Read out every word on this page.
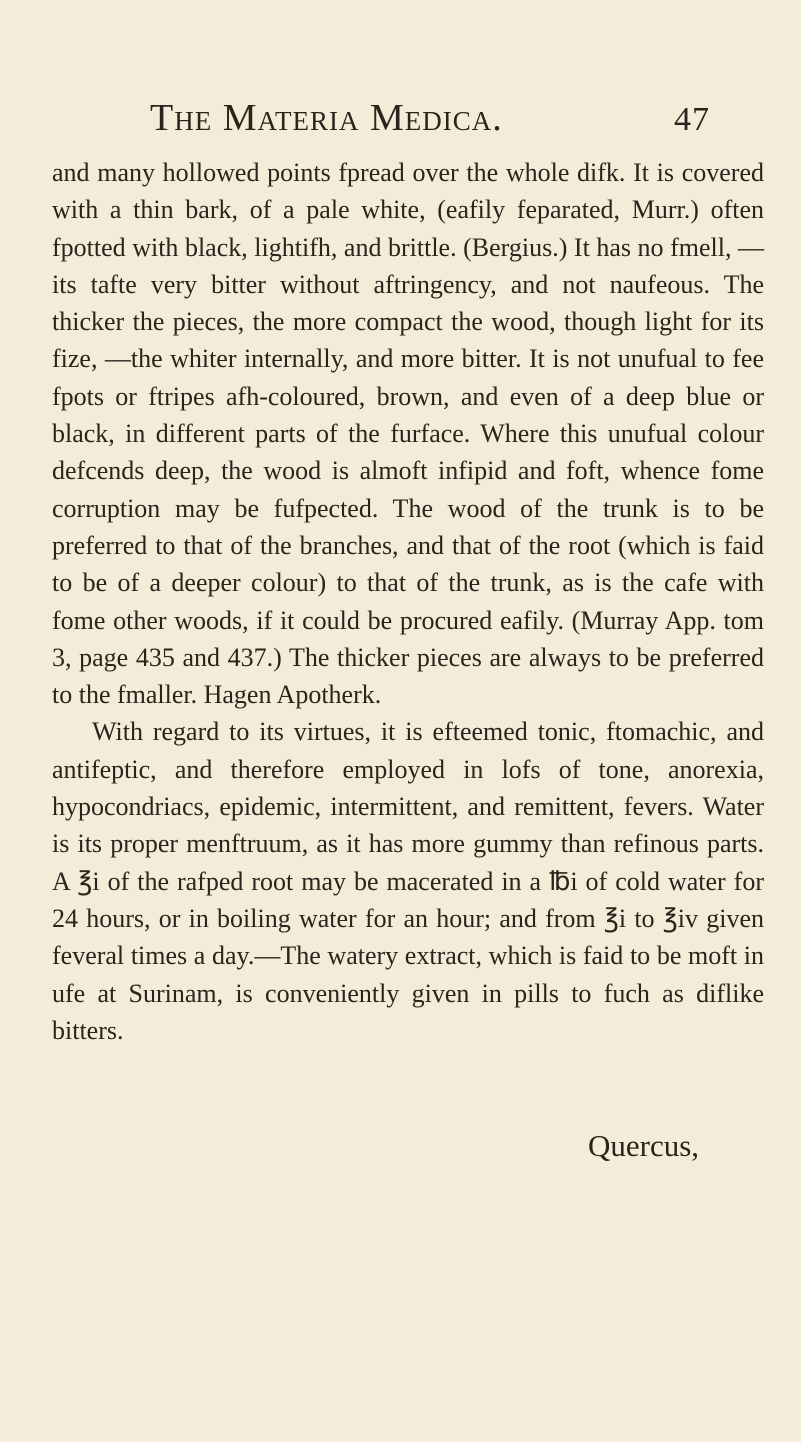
The Materia Medica.	47

and many hollowed points fpread over the whole difk. It is covered with a thin bark, of a pale white, (eafily feparated, Murr.) often fpotted with black, lightifh, and brittle. (Bergius.) It has no fmell, — its tafte very bitter without aftringency, and not naufeous. The thicker the pieces, the more compact the wood, though light for its fize, —the whiter internally, and more bitter. It is not unufual to fee fpots or ftripes afh-coloured, brown, and even of a deep blue or black, in different parts of the furface. Where this unufual colour defcends deep, the wood is almoft infipid and foft, whence fome corruption may be fufpected. The wood of the trunk is to be preferred to that of the branches, and that of the root (which is faid to be of a deeper colour) to that of the trunk, as is the cafe with fome other woods, if it could be procured eafily. (Murray App. tom 3, page 435 and 437.) The thicker pieces are always to be preferred to the fmaller. Hagen Apotherk.

With regard to its virtues, it is efteemed tonic, ftomachic, and antifeptic, and therefore employed in lofs of tone, anorexia, hypocondriacs, epidemic, intermittent, and remittent, fevers. Water is its proper menftruum, as it has more gummy than refinous parts. A ℥i of the rafped root may be macerated in a ℔i of cold water for 24 hours, or in boiling water for an hour; and from ℥i to ℥iv given feveral times a day.—The watery extract, which is faid to be moft in ufe at Surinam, is conveniently given in pills to fuch as diflike bitters.

Quercus,
